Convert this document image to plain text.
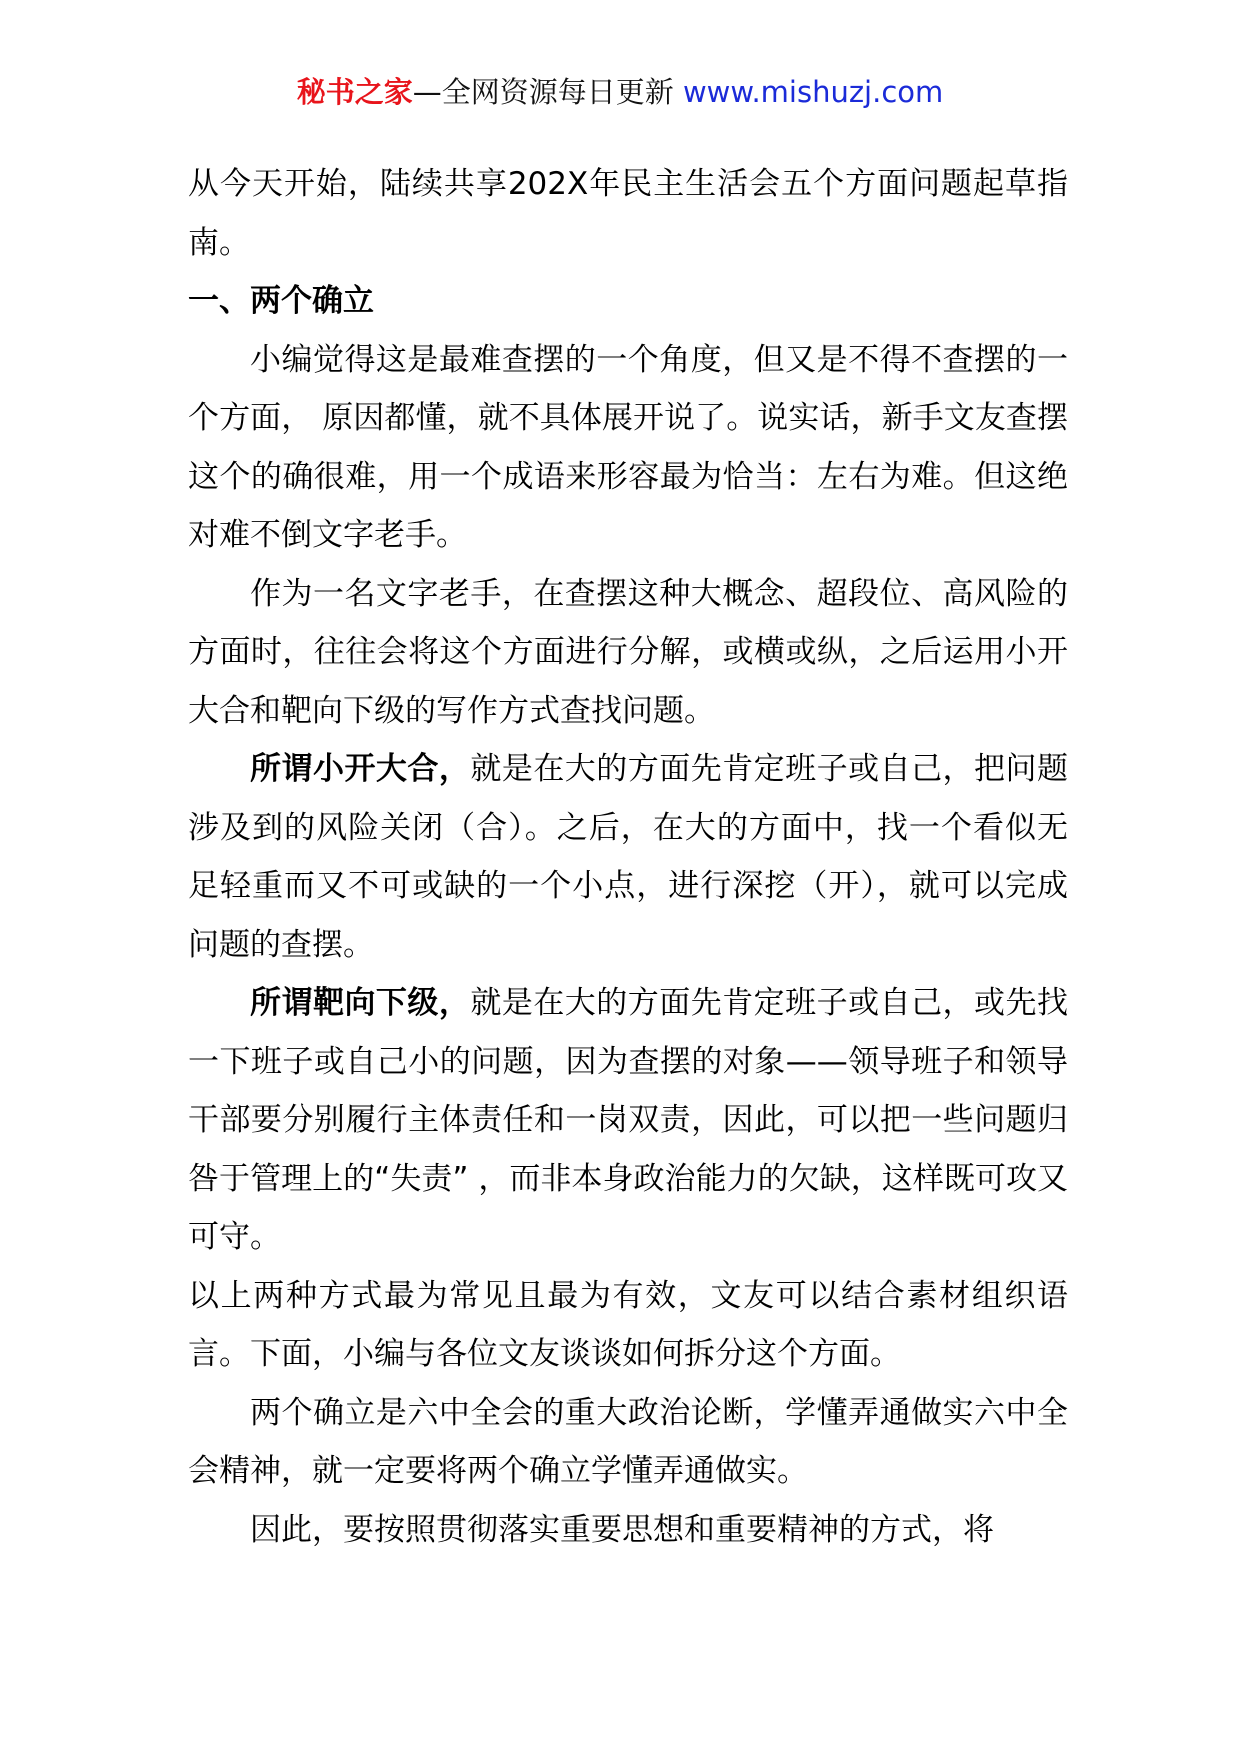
秘书之家—全网资源每日更新 www.mishuzj.com

从今天开始，陆续共享202X年民主生活会五个方面问题起草指南。

一、两个确立

小编觉得这是最难查摆的一个角度，但又是不得不查摆的一个方面， 原因都懂，就不具体展开说了。说实话，新手文友查摆这个的确很难，用一个成语来形容最为恰当：左右为难。但这绝对难不倒文字老手。

作为一名文字老手，在查摆这种大概念、超段位、高风险的方面时，往往会将这个方面进行分解，或横或纵，之后运用小开大合和靶向下级的写作方式查找问题。

所谓小开大合，就是在大的方面先肯定班子或自己，把问题涉及到的风险关闭（合）。之后，在大的方面中，找一个看似无足轻重而又不可或缺的一个小点，进行深挖（开），就可以完成问题的查摆。

所谓靶向下级，就是在大的方面先肯定班子或自己，或先找一下班子或自己小的问题，因为查摆的对象——领导班子和领导干部要分别履行主体责任和一岗双责，因此，可以把一些问题归咎于管理上的“失责” ，而非本身政治能力的欠缺，这样既可攻又可守。

以上两种方式最为常见且最为有效，文友可以结合素材组织语言。下面，小编与各位文友谈谈如何拆分这个方面。

两个确立是六中全会的重大政治论断，学懂弄通做实六中全会精神，就一定要将两个确立学懂弄通做实。

因此，要按照贯彻落实重要思想和重要精神的方式，将
